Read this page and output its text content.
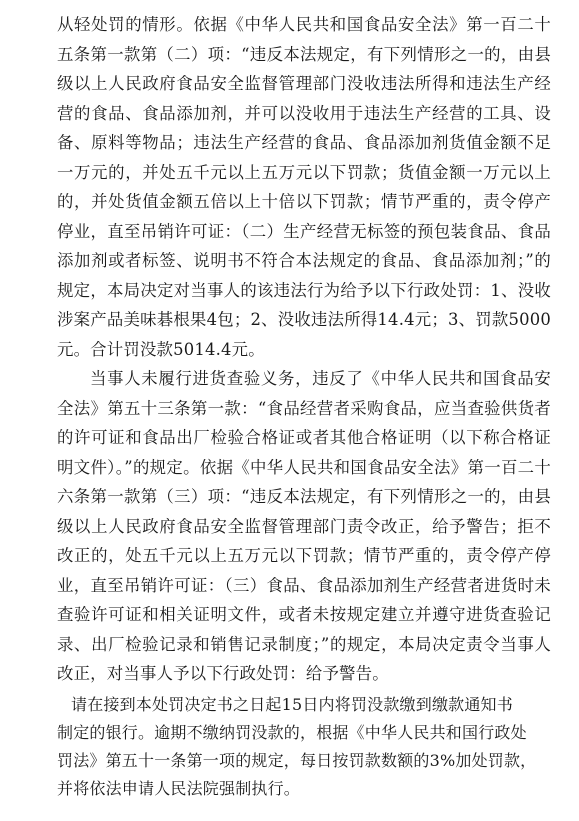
从轻处罚的情形。依据《中华人民共和国食品安全法》第一百二十五条第一款第（二）项：“违反本法规定，有下列情形之一的，由县级以上人民政府食品安全监督管理部门没收违法所得和违法生产经营的食品、食品添加剂，并可以没收用于违法生产经营的工具、设备、原料等物品；违法生产经营的食品、食品添加剂货值金额不足一万元的，并处五千元以上五万元以下罚款；货值金额一万元以上的，并处货值金额五倍以上十倍以下罚款；情节严重的，责令停产停业，直至吊销许可证：（二）生产经营无标签的预包装食品、食品添加剂或者标签、说明书不符合本法规定的食品、食品添加剂；”的规定，本局决定对当事人的该违法行为给予以下行政处罚：1、没收涉案产品美味碁根果4包；2、没收违法所得14.4元；3、罚款5000元。合计罚没款5014.4元。

当事人未履行进货查验义务，违反了《中华人民共和国食品安全法》第五十三条第一款：“食品经营者采购食品，应当查验供货者的许可证和食品出厂检验合格证或者其他合格证明（以下称合格证明文件）。”的规定。依据《中华人民共和国食品安全法》第一百二十六条第一款第（三）项：“违反本法规定，有下列情形之一的，由县级以上人民政府食品安全监督管理部门责令改正，给予警告；拒不改正的，处五千元以上五万元以下罚款；情节严重的，责令停产停业，直至吊销许可证：（三）食品、食品添加剂生产经营者进货时未查验许可证和相关证明文件，或者未按规定建立并遵守进货查验记录、出厂检验记录和销售记录制度；”的规定，本局决定责令当事人改正，对当事人予以下行政处罚：给予警告。

请在接到本处罚决定书之日起15日内将罚没款缴到缴款通知书
制定的银行。逾期不缴纳罚没款的，根据《中华人民共和国行政处
罚法》第五十一条第一项的规定，每日按罚款数额的3%加处罚款，
并将依法申请人民法院强制执行。
